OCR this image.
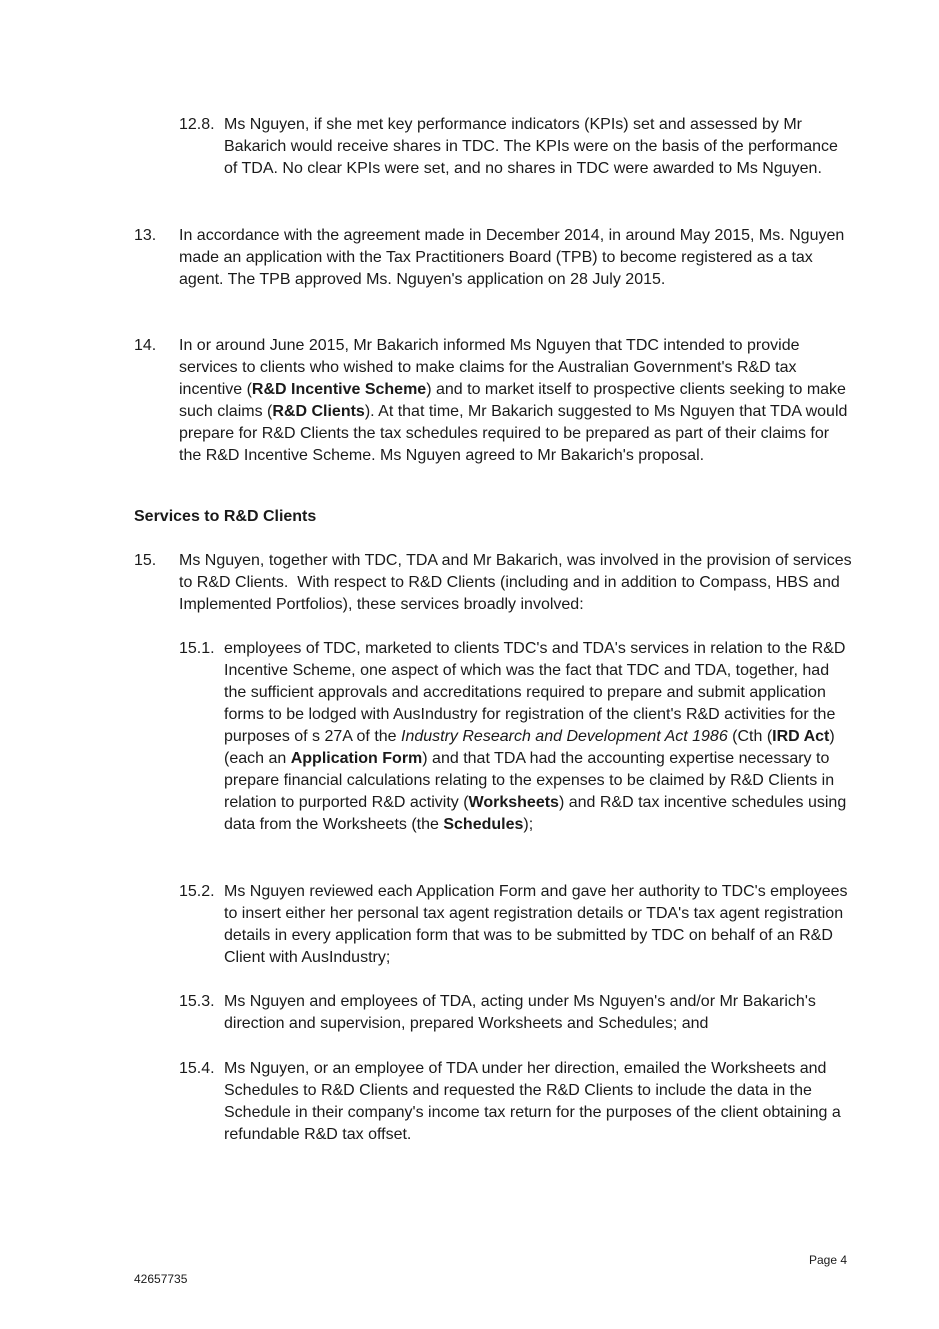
12.8. Ms Nguyen, if she met key performance indicators (KPIs) set and assessed by Mr Bakarich would receive shares in TDC. The KPIs were on the basis of the performance of TDA. No clear KPIs were set, and no shares in TDC were awarded to Ms Nguyen.
13.	In accordance with the agreement made in December 2014, in around May 2015, Ms. Nguyen made an application with the Tax Practitioners Board (TPB) to become registered as a tax agent. The TPB approved Ms. Nguyen's application on 28 July 2015.
14.	In or around June 2015, Mr Bakarich informed Ms Nguyen that TDC intended to provide services to clients who wished to make claims for the Australian Government's R&D tax incentive (R&D Incentive Scheme) and to market itself to prospective clients seeking to make such claims (R&D Clients). At that time, Mr Bakarich suggested to Ms Nguyen that TDA would prepare for R&D Clients the tax schedules required to be prepared as part of their claims for the R&D Incentive Scheme. Ms Nguyen agreed to Mr Bakarich's proposal.
Services to R&D Clients
15.	Ms Nguyen, together with TDC, TDA and Mr Bakarich, was involved in the provision of services to R&D Clients.  With respect to R&D Clients (including and in addition to Compass, HBS and Implemented Portfolios), these services broadly involved:
15.1. employees of TDC, marketed to clients TDC's and TDA's services in relation to the R&D Incentive Scheme, one aspect of which was the fact that TDC and TDA, together, had the sufficient approvals and accreditations required to prepare and submit application forms to be lodged with AusIndustry for registration of the client's R&D activities for the purposes of s 27A of the Industry Research and Development Act 1986 (Cth (IRD Act) (each an Application Form) and that TDA had the accounting expertise necessary to prepare financial calculations relating to the expenses to be claimed by R&D Clients in relation to purported R&D activity (Worksheets) and R&D tax incentive schedules using data from the Worksheets (the Schedules);
15.2. Ms Nguyen reviewed each Application Form and gave her authority to TDC's employees to insert either her personal tax agent registration details or TDA's tax agent registration details in every application form that was to be submitted by TDC on behalf of an R&D Client with AusIndustry;
15.3. Ms Nguyen and employees of TDA, acting under Ms Nguyen's and/or Mr Bakarich's direction and supervision, prepared Worksheets and Schedules; and
15.4. Ms Nguyen, or an employee of TDA under her direction, emailed the Worksheets and Schedules to R&D Clients and requested the R&D Clients to include the data in the Schedule in their company's income tax return for the purposes of the client obtaining a refundable R&D tax offset.
Page 4
42657735
